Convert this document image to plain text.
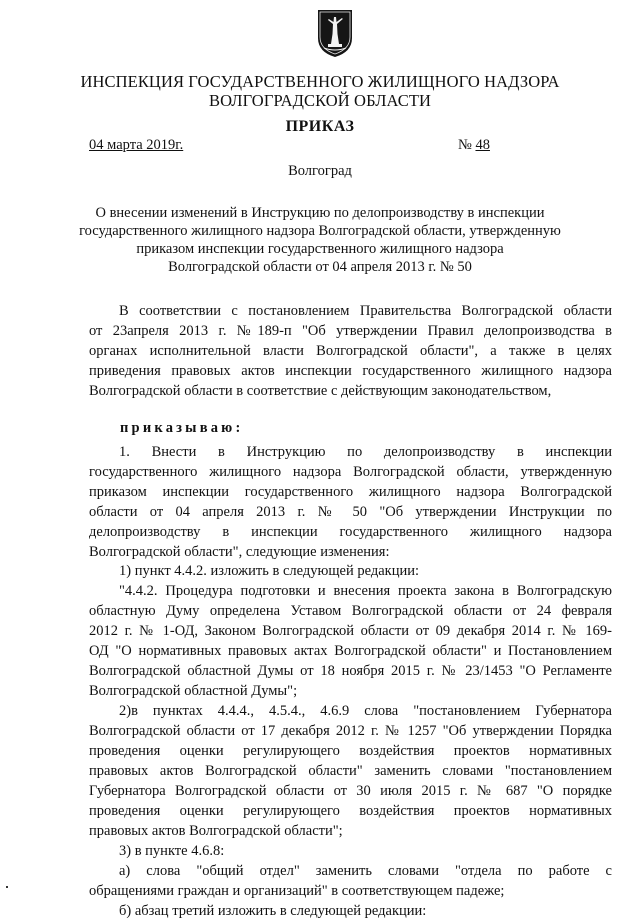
ИНСПЕКЦИЯ ГОСУДАРСТВЕННОГО ЖИЛИЩНОГО НАДЗОРА
ВОЛГОГРАДСКОЙ ОБЛАСТИ
ПРИКАЗ
04 марта 2019г.	№ 48
Волгоград
О внесении изменений в Инструкцию по делопроизводству в инспекции
государственного жилищного надзора Волгоградской области, утвержденную
приказом инспекции государственного жилищного надзора
Волгоградской области от 04 апреля 2013 г. № 50
В соответствии с постановлением Правительства Волгоградской области
от 23апреля 2013 г. №189-п "Об утверждении Правил делопроизводства в
органах исполнительной власти Волгоградской области", а также в целях
приведения правовых актов инспекции государственного жилищного надзора
Волгоградской области в соответствие с действующим законодательством,
приказываю:
1. Внести в Инструкцию по делопроизводству в инспекции
государственного жилищного надзора Волгоградской области, утвержденную
приказом инспекции государственного жилищного надзора Волгоградской
области от 04 апреля 2013 г. № 50 "Об утверждении Инструкции по
делопроизводству в инспекции государственного жилищного надзора
Волгоградской области", следующие изменения:
1) пункт 4.4.2. изложить в следующей редакции:
"4.4.2. Процедура подготовки и внесения проекта закона в Волгоградскую
областную Думу определена Уставом Волгоградской области от 24 февраля
2012 г. № 1-ОД, Законом Волгоградской области от 09 декабря 2014 г. № 169-
ОД "О нормативных правовых актах Волгоградской области" и Постановлением
Волгоградской областной Думы от 18 ноября 2015 г. № 23/1453 "О Регламенте
Волгоградской областной Думы";
2)в пунктах 4.4.4., 4.5.4., 4.6.9 слова "постановлением Губернатора
Волгоградской области от 17 декабря 2012 г. № 1257 "Об утверждении Порядка
проведения оценки регулирующего воздействия проектов нормативных
правовых актов Волгоградской области" заменить словами "постановлением
Губернатора Волгоградской области от 30 июля 2015 г. № 687 "О порядке
проведения оценки регулирующего воздействия проектов нормативных
правовых актов Волгоградской области";
3) в пункте 4.6.8:
а) слова "общий отдел" заменить словами "отдела по работе с
обращениями граждан и организаций" в соответствующем падеже;
б) абзац третий изложить в следующей редакции:
